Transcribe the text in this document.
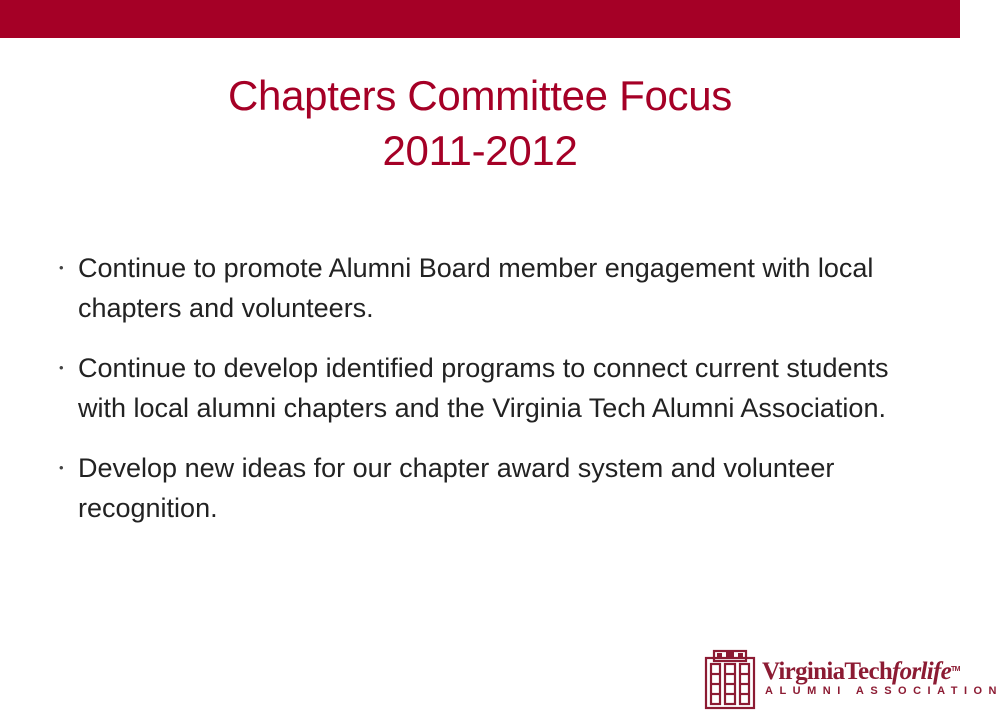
Chapters Committee Focus
2011-2012
• Continue to promote Alumni Board member engagement with local chapters and volunteers.
• Continue to develop identified programs to connect current students with local alumni chapters and the Virginia Tech Alumni Association.
• Develop new ideas for our chapter award system and volunteer recognition.
VirginiaTechforlifeTM
ALUMNI ASSOCIATION
